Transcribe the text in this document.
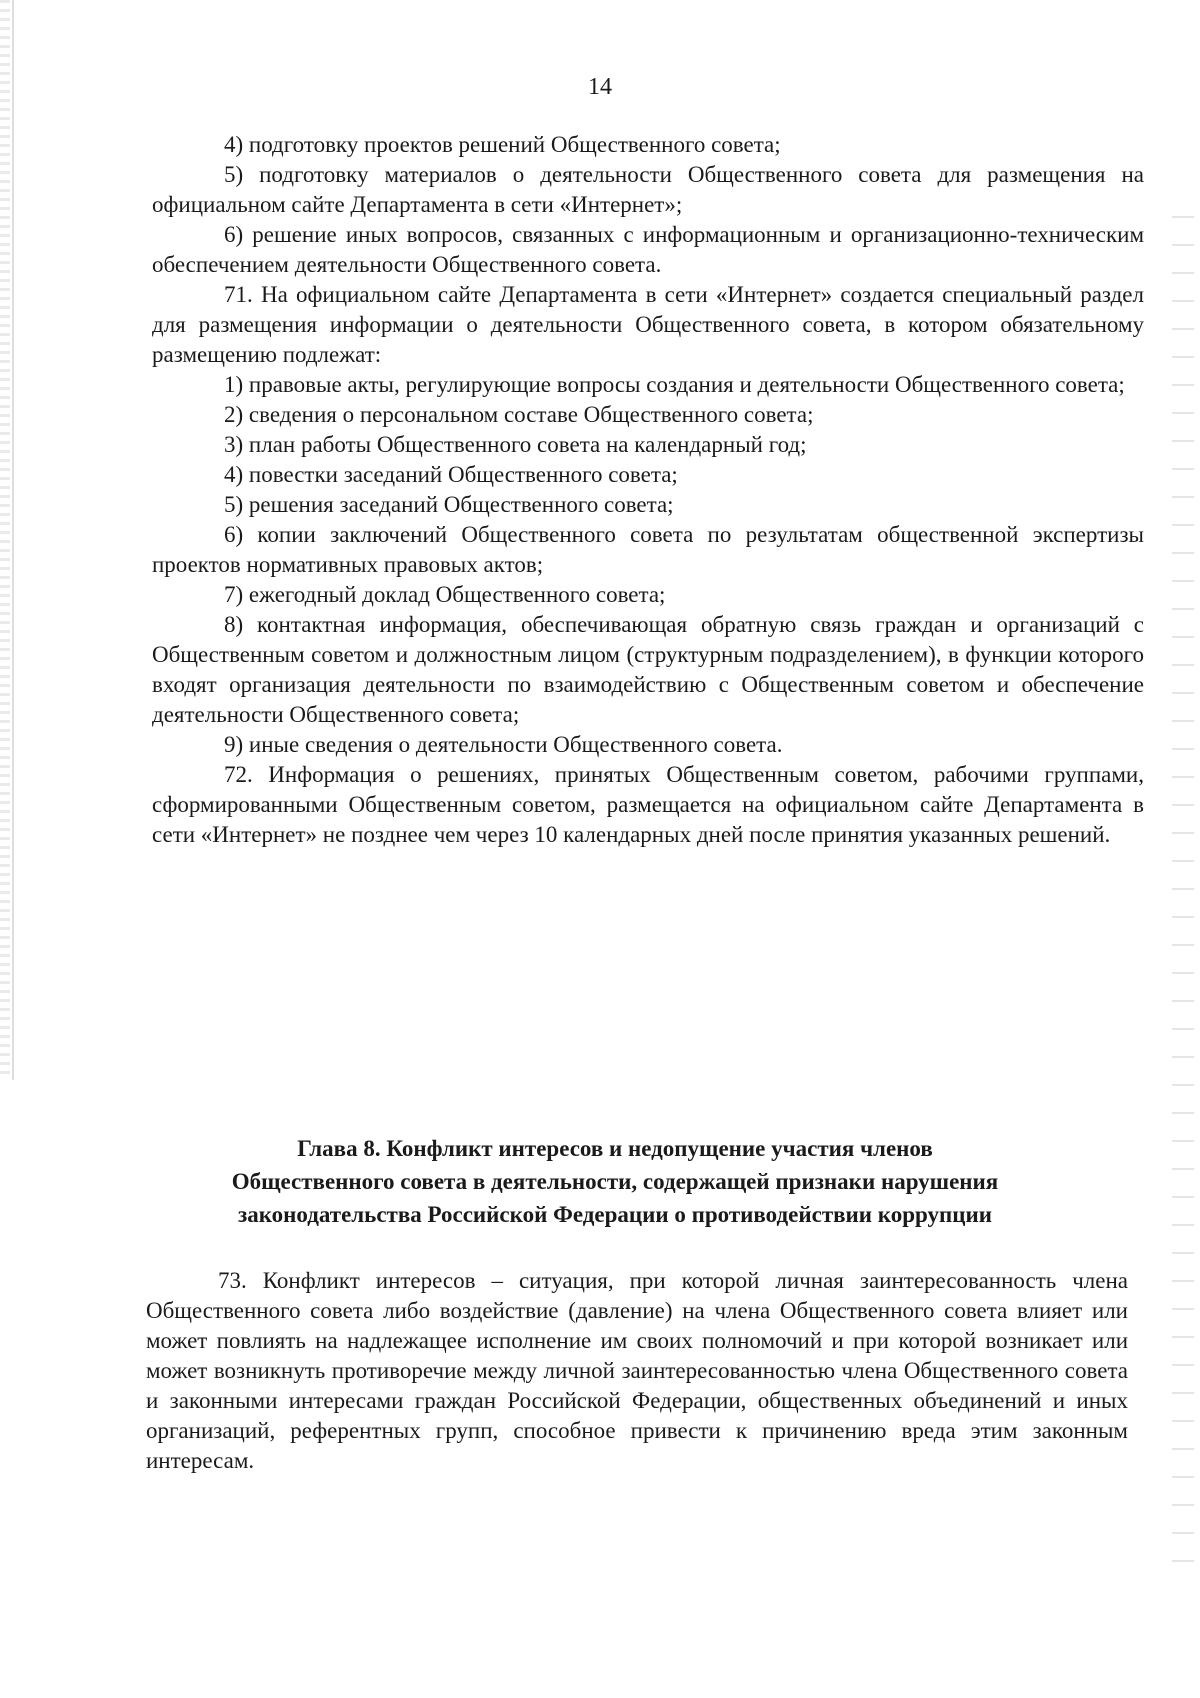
14

4) подготовку проектов решений Общественного совета;

5) подготовку материалов о деятельности Общественного совета для размещения на официальном сайте Департамента в сети «Интернет»;

6) решение иных вопросов, связанных с информационным и организационно-техническим обеспечением деятельности Общественного совета.

71. На официальном сайте Департамента в сети «Интернет» создается специальный раздел для размещения информации о деятельности Общественного совета, в котором обязательному размещению подлежат:

1) правовые акты, регулирующие вопросы создания и деятельности Общественного совета;

2) сведения о персональном составе Общественного совета;

3) план работы Общественного совета на календарный год;

4) повестки заседаний Общественного совета;

5) решения заседаний Общественного совета;

6) копии заключений Общественного совета по результатам общественной экспертизы проектов нормативных правовых актов;

7) ежегодный доклад Общественного совета;

8) контактная информация, обеспечивающая обратную связь граждан и организаций с Общественным советом и должностным лицом (структурным подразделением), в функции которого входят организация деятельности по взаимодействию с Общественным советом и обеспечение деятельности Общественного совета;

9) иные сведения о деятельности Общественного совета.

72. Информация о решениях, принятых Общественным советом, рабочими группами, сформированными Общественным советом, размещается на официальном сайте Департамента в сети «Интернет» не позднее чем через 10 календарных дней после принятия указанных решений.

Глава 8. Конфликт интересов и недопущение участия членов
Общественного совета в деятельности, содержащей признаки нарушения
законодательства Российской Федерации о противодействии коррупции

73. Конфликт интересов – ситуация, при которой личная заинтересованность члена Общественного совета либо воздействие (давление) на члена Общественного совета влияет или может повлиять на надлежащее исполнение им своих полномочий и при которой возникает или может возникнуть противоречие между личной заинтересованностью члена Общественного совета и законными интересами граждан Российской Федерации, общественных объединений и иных организаций, референтных групп, способное привести к причинению вреда этим законным интересам.
